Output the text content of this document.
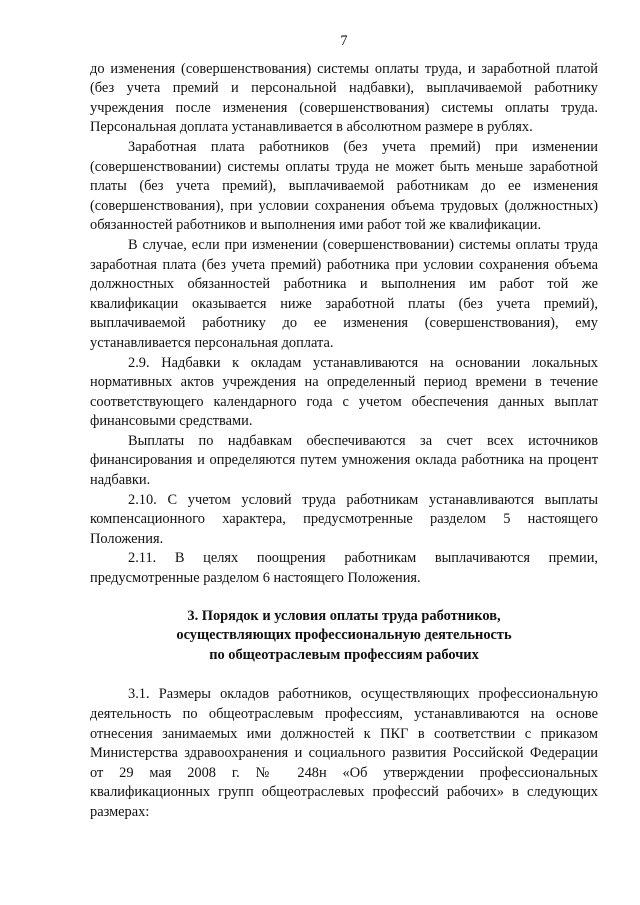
7

до изменения (совершенствования) системы оплаты труда, и заработной платой (без учета премий и персональной надбавки), выплачиваемой работнику учреждения после изменения (совершенствования) системы оплаты труда. Персональная доплата устанавливается в абсолютном размере в рублях.

Заработная плата работников (без учета премий) при изменении (совершенствовании) системы оплаты труда не может быть меньше заработной платы (без учета премий), выплачиваемой работникам до ее изменения (совершенствования), при условии сохранения объема трудовых (должностных) обязанностей работников и выполнения ими работ той же квалификации.

В случае, если при изменении (совершенствовании) системы оплаты труда заработная плата (без учета премий) работника при условии сохранения объема должностных обязанностей работника и выполнения им работ той же квалификации оказывается ниже заработной платы (без учета премий), выплачиваемой работнику до ее изменения (совершенствования), ему устанавливается персональная доплата.

2.9. Надбавки к окладам устанавливаются на основании локальных нормативных актов учреждения на определенный период времени в течение соответствующего календарного года с учетом обеспечения данных выплат финансовыми средствами.

Выплаты по надбавкам обеспечиваются за счет всех источников финансирования и определяются путем умножения оклада работника на процент надбавки.

2.10. С учетом условий труда работникам устанавливаются выплаты компенсационного характера, предусмотренные разделом 5 настоящего Положения.

2.11. В целях поощрения работникам выплачиваются премии, предусмотренные разделом 6 настоящего Положения.

3. Порядок и условия оплаты труда работников,
осуществляющих профессиональную деятельность
по общеотраслевым профессиям рабочих

3.1. Размеры окладов работников, осуществляющих профессиональную деятельность по общеотраслевым профессиям, устанавливаются на основе отнесения занимаемых ими должностей к ПКГ в соответствии с приказом Министерства здравоохранения и социального развития Российской Федерации от 29 мая 2008 г. № 248н «Об утверждении профессиональных квалификационных групп общеотраслевых профессий рабочих» в следующих размерах:
